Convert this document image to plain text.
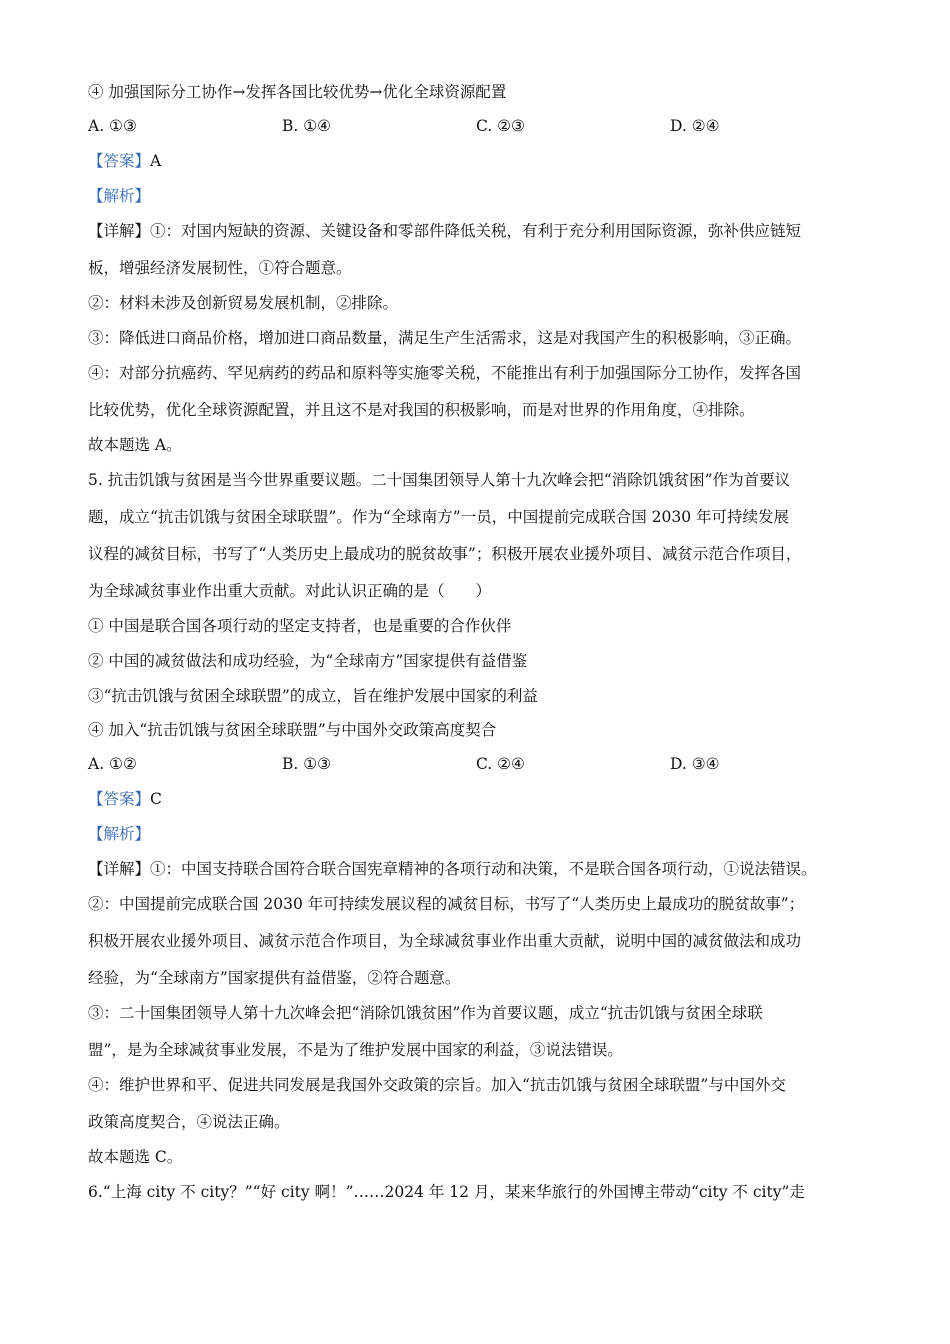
④ 加强国际分工协作→发挥各国比较优势→优化全球资源配置
A. ①③	B. ①④	C. ②③	D. ②④
【答案】A
【解析】
【详解】①：对国内短缺的资源、关键设备和零部件降低关税，有利于充分利用国际资源，弥补供应链短
板，增强经济发展韧性，①符合题意。
②：材料未涉及创新贸易发展机制，②排除。
③：降低进口商品价格，增加进口商品数量，满足生产生活需求，这是对我国产生的积极影响，③正确。
④：对部分抗癌药、罕见病药的药品和原料等实施零关税，不能推出有利于加强国际分工协作，发挥各国
比较优势，优化全球资源配置，并且这不是对我国的积极影响，而是对世界的作用角度，④排除。
故本题选 A。
5. 抗击饥饿与贫困是当今世界重要议题。二十国集团领导人第十九次峰会把“消除饥饿贫困”作为首要议
题，成立“抗击饥饿与贫困全球联盟”。作为“全球南方”一员，中国提前完成联合国 2030 年可持续发展
议程的减贫目标，书写了“人类历史上最成功的脱贫故事”；积极开展农业援外项目、减贫示范合作项目，
为全球减贫事业作出重大贡献。对此认识正确的是（　　）
① 中国是联合国各项行动的坚定支持者，也是重要的合作伙伴
② 中国的减贫做法和成功经验，为“全球南方”国家提供有益借鉴
③“抗击饥饿与贫困全球联盟”的成立，旨在维护发展中国家的利益
④ 加入“抗击饥饿与贫困全球联盟”与中国外交政策高度契合
A. ①②	B. ①③	C. ②④	D. ③④
【答案】C
【解析】
【详解】①：中国支持联合国符合联合国宪章精神的各项行动和决策，不是联合国各项行动，①说法错误。
②：中国提前完成联合国 2030 年可持续发展议程的减贫目标，书写了“人类历史上最成功的脱贫故事”；
积极开展农业援外项目、减贫示范合作项目，为全球减贫事业作出重大贡献，说明中国的减贫做法和成功
经验，为“全球南方”国家提供有益借鉴，②符合题意。
③：二十国集团领导人第十九次峰会把“消除饥饿贫困”作为首要议题，成立“抗击饥饿与贫困全球联
盟”，是为全球减贫事业发展，不是为了维护发展中国家的利益，③说法错误。
④：维护世界和平、促进共同发展是我国外交政策的宗旨。加入“抗击饥饿与贫困全球联盟”与中国外交
政策高度契合，④说法正确。
故本题选 C。
6.“上海 city 不 city？”“好 city 啊！”……2024 年 12 月，某来华旅行的外国博主带动“city 不 city”走
